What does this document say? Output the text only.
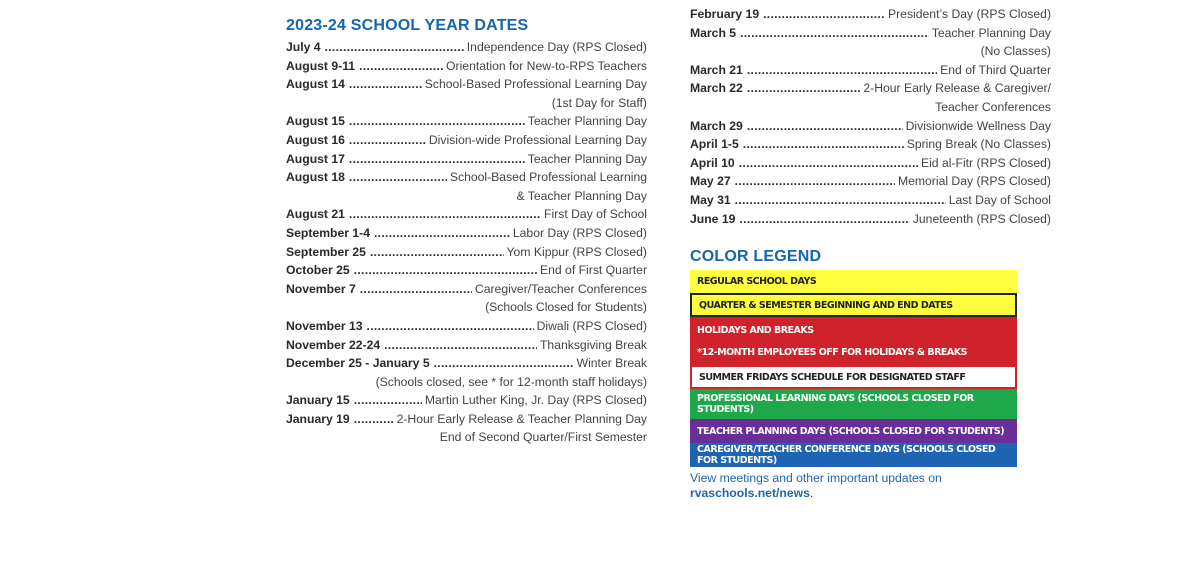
2023-24 SCHOOL YEAR DATES
July 4 .....	Independence Day (RPS Closed)
August 9-11 .....	Orientation for New-to-RPS Teachers
August 14 .....	School-Based Professional Learning Day
(1st Day for Staff)
August 15 .....	Teacher Planning Day
August 16 .....	Division-wide Professional Learning Day
August 17 .....	Teacher Planning Day
August 18 .....	School-Based Professional Learning
& Teacher Planning Day
August 21 .....	First Day of School
September 1-4 .....	Labor Day (RPS Closed)
September 25 .....	Yom Kippur (RPS Closed)
October 25 .....	End of First Quarter
November 7 .....	Caregiver/Teacher Conferences
(Schools Closed for Students)
November 13 .....	Diwali (RPS Closed)
November 22-24 .....	Thanksgiving Break
December 25 - January 5 .....	Winter Break
(Schools closed, see * for 12-month staff holidays)
January 15 .....	Martin Luther King, Jr. Day (RPS Closed)
January 19 .....	2-Hour Early Release & Teacher Planning Day
End of Second Quarter/First Semester
February 19 .....	President’s Day (RPS Closed)
March 5 .....	Teacher Planning Day
(No Classes)
March 21 .....	End of Third Quarter
March 22 .....	2-Hour Early Release & Caregiver/
Teacher Conferences
March 29 .....	Divisionwide Wellness Day
April 1-5 .....	Spring Break (No Classes)
April 10 .....	Eid al-Fitr (RPS Closed)
May 27 .....	Memorial Day (RPS Closed)
May 31 .....	Last Day of School
June 19 .....	Juneteenth (RPS Closed)
COLOR LEGEND
REGULAR SCHOOL DAYS
QUARTER & SEMESTER BEGINNING AND END DATES
HOLIDAYS AND BREAKS
*12-MONTH EMPLOYEES OFF FOR HOLIDAYS & BREAKS
SUMMER FRIDAYS SCHEDULE FOR DESIGNATED STAFF
PROFESSIONAL LEARNING DAYS (SCHOOLS CLOSED FOR STUDENTS)
TEACHER PLANNING DAYS (SCHOOLS CLOSED FOR STUDENTS)
CAREGIVER/TEACHER CONFERENCE DAYS (SCHOOLS CLOSED FOR STUDENTS)
View meetings and other important updates on
rvaschools.net/news.
